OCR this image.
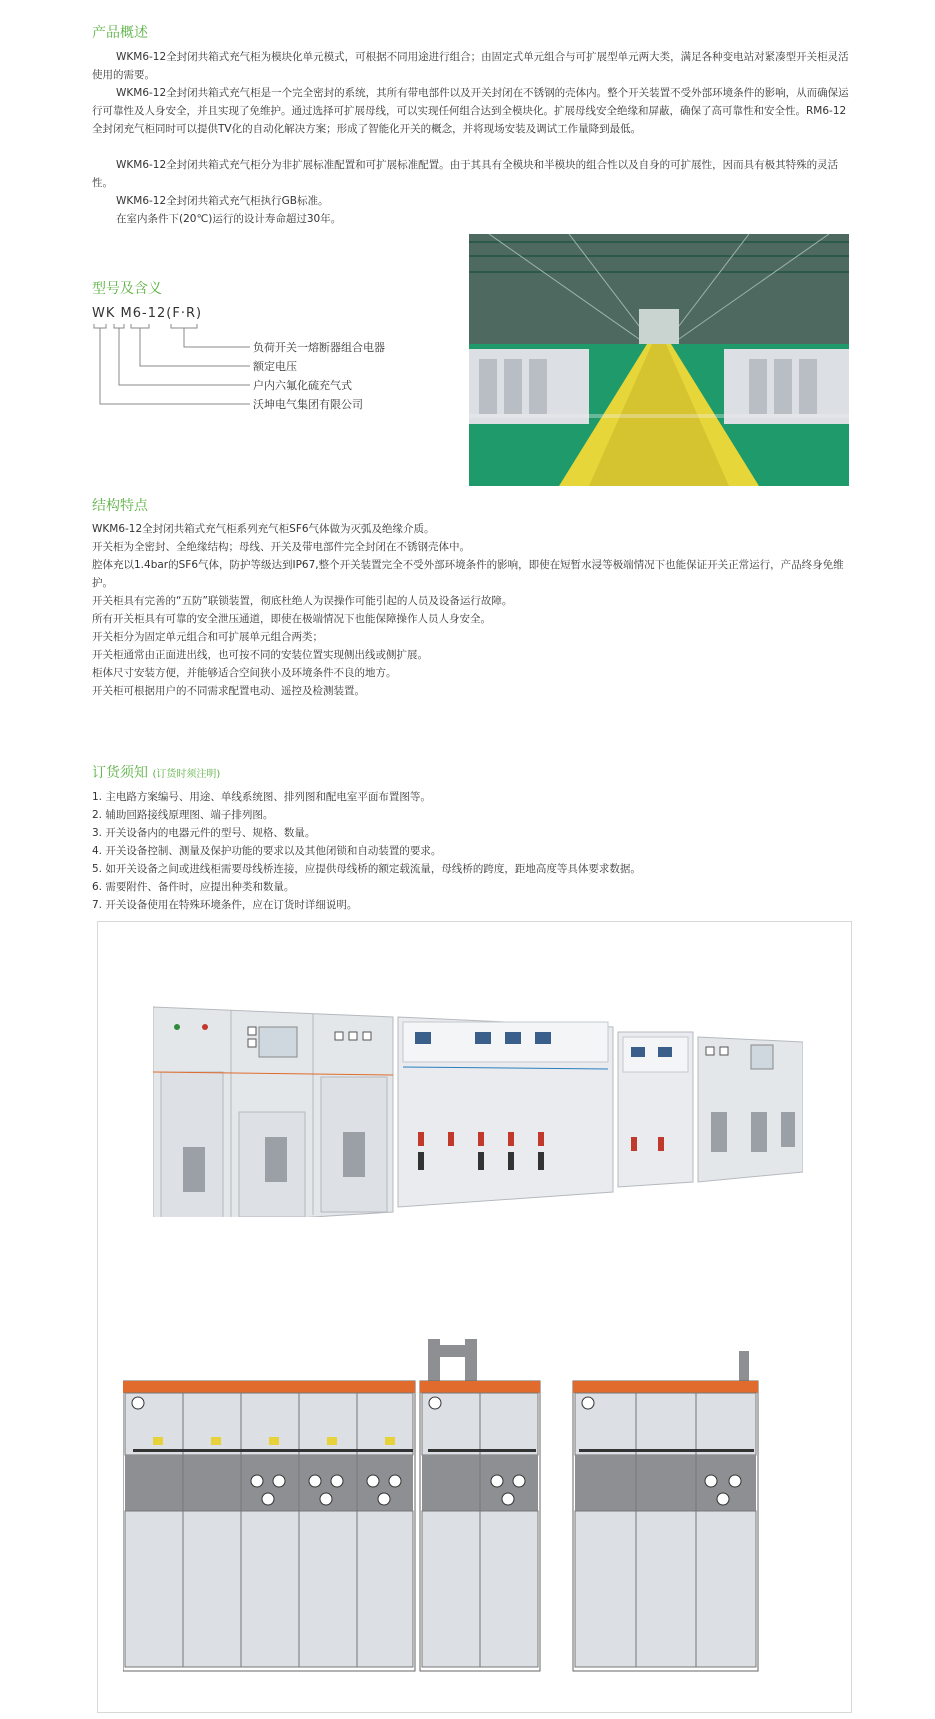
产品概述

WKM6-12全封闭共箱式充气柜为模块化单元模式，可根据不同用途进行组合；由固定式单元组合与可扩展型单元两大类，满足各种变电站对紧凑型开关柜灵活使用的需要。

WKM6-12全封闭共箱式充气柜是一个完全密封的系统，其所有带电部件以及开关封闭在不锈钢的壳体内。整个开关装置不受外部环境条件的影响，从而确保运行可靠性及人身安全，并且实现了免维护。通过选择可扩展母线，可以实现任何组合达到全模块化。扩展母线安全绝缘和屏蔽，确保了高可靠性和安全性。RM6-12 全封闭充气柜同时可以提供TV化的自动化解决方案；形成了智能化开关的概念，并将现场安装及调试工作量降到最低。

WKM6-12全封闭共箱式充气柜分为非扩展标准配置和可扩展标准配置。由于其具有全模块和半模块的组合性以及自身的可扩展性，因而具有极其特殊的灵活性。

WKM6-12全封闭共箱式充气柜执行GB标准。

在室内条件下(20℃)运行的设计寿命超过30年。

型号及含义
WK M6-12(F·R)
负荷开关一熔断器组合电器
额定电压
户内六氟化硫充气式
沃坤电气集团有限公司
结构特点

WKM6-12全封闭共箱式充气柜系列充气柜SF6气体做为灭弧及绝缘介质。

开关柜为全密封、全绝缘结构；母线、开关及带电部件完全封闭在不锈钢壳体中。

腔体充以1.4bar的SF6气体，防护等级达到IP67,整个开关装置完全不受外部环境条件的影响，即使在短暂水浸等极端情况下也能保证开关正常运行，产品终身免维护。

开关柜具有完善的“五防”联锁装置，彻底杜绝人为误操作可能引起的人员及设备运行故障。

所有开关柜具有可靠的安全泄压通道，即使在极端情况下也能保障操作人员人身安全。

开关柜分为固定单元组合和可扩展单元组合两类；

开关柜通常由正面进出线，也可按不同的安装位置实现侧出线或侧扩展。

柜体尺寸安装方便，并能够适合空间狭小及环境条件不良的地方。

开关柜可根据用户的不同需求配置电动、遥控及检测装置。

订货须知 (订货时须注明)

1. 主电路方案编号、用途、单线系统图、排列图和配电室平面布置图等。

2. 辅助回路接线原理图、端子排列图。

3. 开关设备内的电器元件的型号、规格、数量。

4. 开关设备控制、测量及保护功能的要求以及其他闭锁和自动装置的要求。

5. 如开关设备之间或进线柜需要母线桥连接，应提供母线桥的额定载流量，母线桥的跨度，距地高度等具体要求数据。

6. 需要附件、备件时，应提出种类和数量。

7. 开关设备使用在特殊环境条件，应在订货时详细说明。
